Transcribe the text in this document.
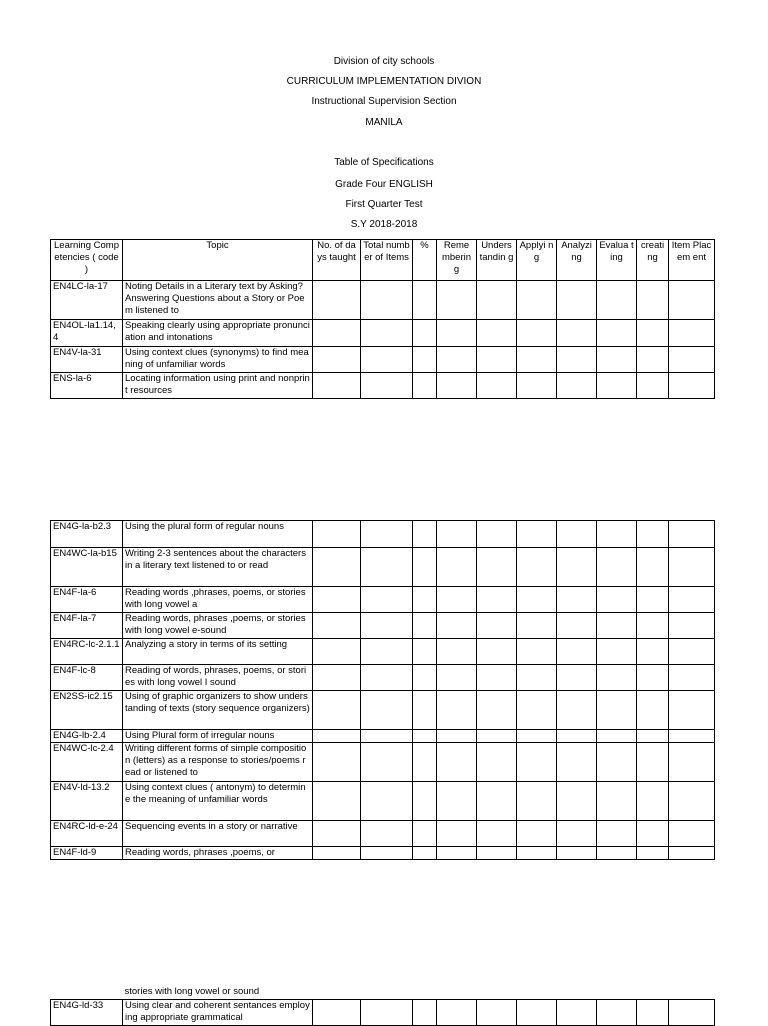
Division of city schools
CURRICULUM IMPLEMENTATION DIVION
Instructional Supervision Section
MANILA
Table of Specifications
Grade Four ENGLISH
First Quarter Test
S.Y 2018-2018
Learning Competencies ( code )	Topic	No. of days taught	Total number of Items	%	Reme mberin g	Unders tandin g	Applyi ng	Analyzi ng	Evalua ting	creati ng	Item Placem ent
EN4LC-la-17	Noting Details in a Literary text by Asking? Answering Questions about a Story or Poem listened to										
EN4OL-la1.14,4	Speaking clearly using appropriate pronunciation and intonations										
EN4V-la-31	Using context clues (synonyms) to find meaning of unfamiliar words										
ENS-la-6	Locating information using print and nonprint resources										
EN4G-la-b2.3	Using the plural form of regular nouns										
EN4WC-la-b15	Writing 2-3 sentences about the characters in a literary text listened to or read										
EN4F-la-6	Reading words ,phrases, poems, or stories with long vowel a										
EN4F-la-7	Reading words, phrases ,poems, or stories with long vowel e-sound										
EN4RC-lc-2.1.1	Analyzing a story in terms of its setting										
EN4F-lc-8	Reading of words, phrases, poems, or stories with long vowel I sound										
EN2SS-ic2.15	Using of graphic organizers to show understanding of texts (story sequence organizers)										
EN4G-lb-2.4	Using Plural form of irregular nouns										
EN4WC-lc-2.4	Writing different forms of simple composition (letters) as a response to stories/poems read or listened to										
EN4V-ld-13.2	Using context clues ( antonym) to determine the meaning of unfamiliar words										
EN4RC-ld-e-24	Sequencing events in a story or narrative										
EN4F-ld-9	Reading words, phrases ,poems, or										
	stories with long vowel or sound										
EN4G-ld-33	Using clear and coherent sentances employing appropriate grammatical										
